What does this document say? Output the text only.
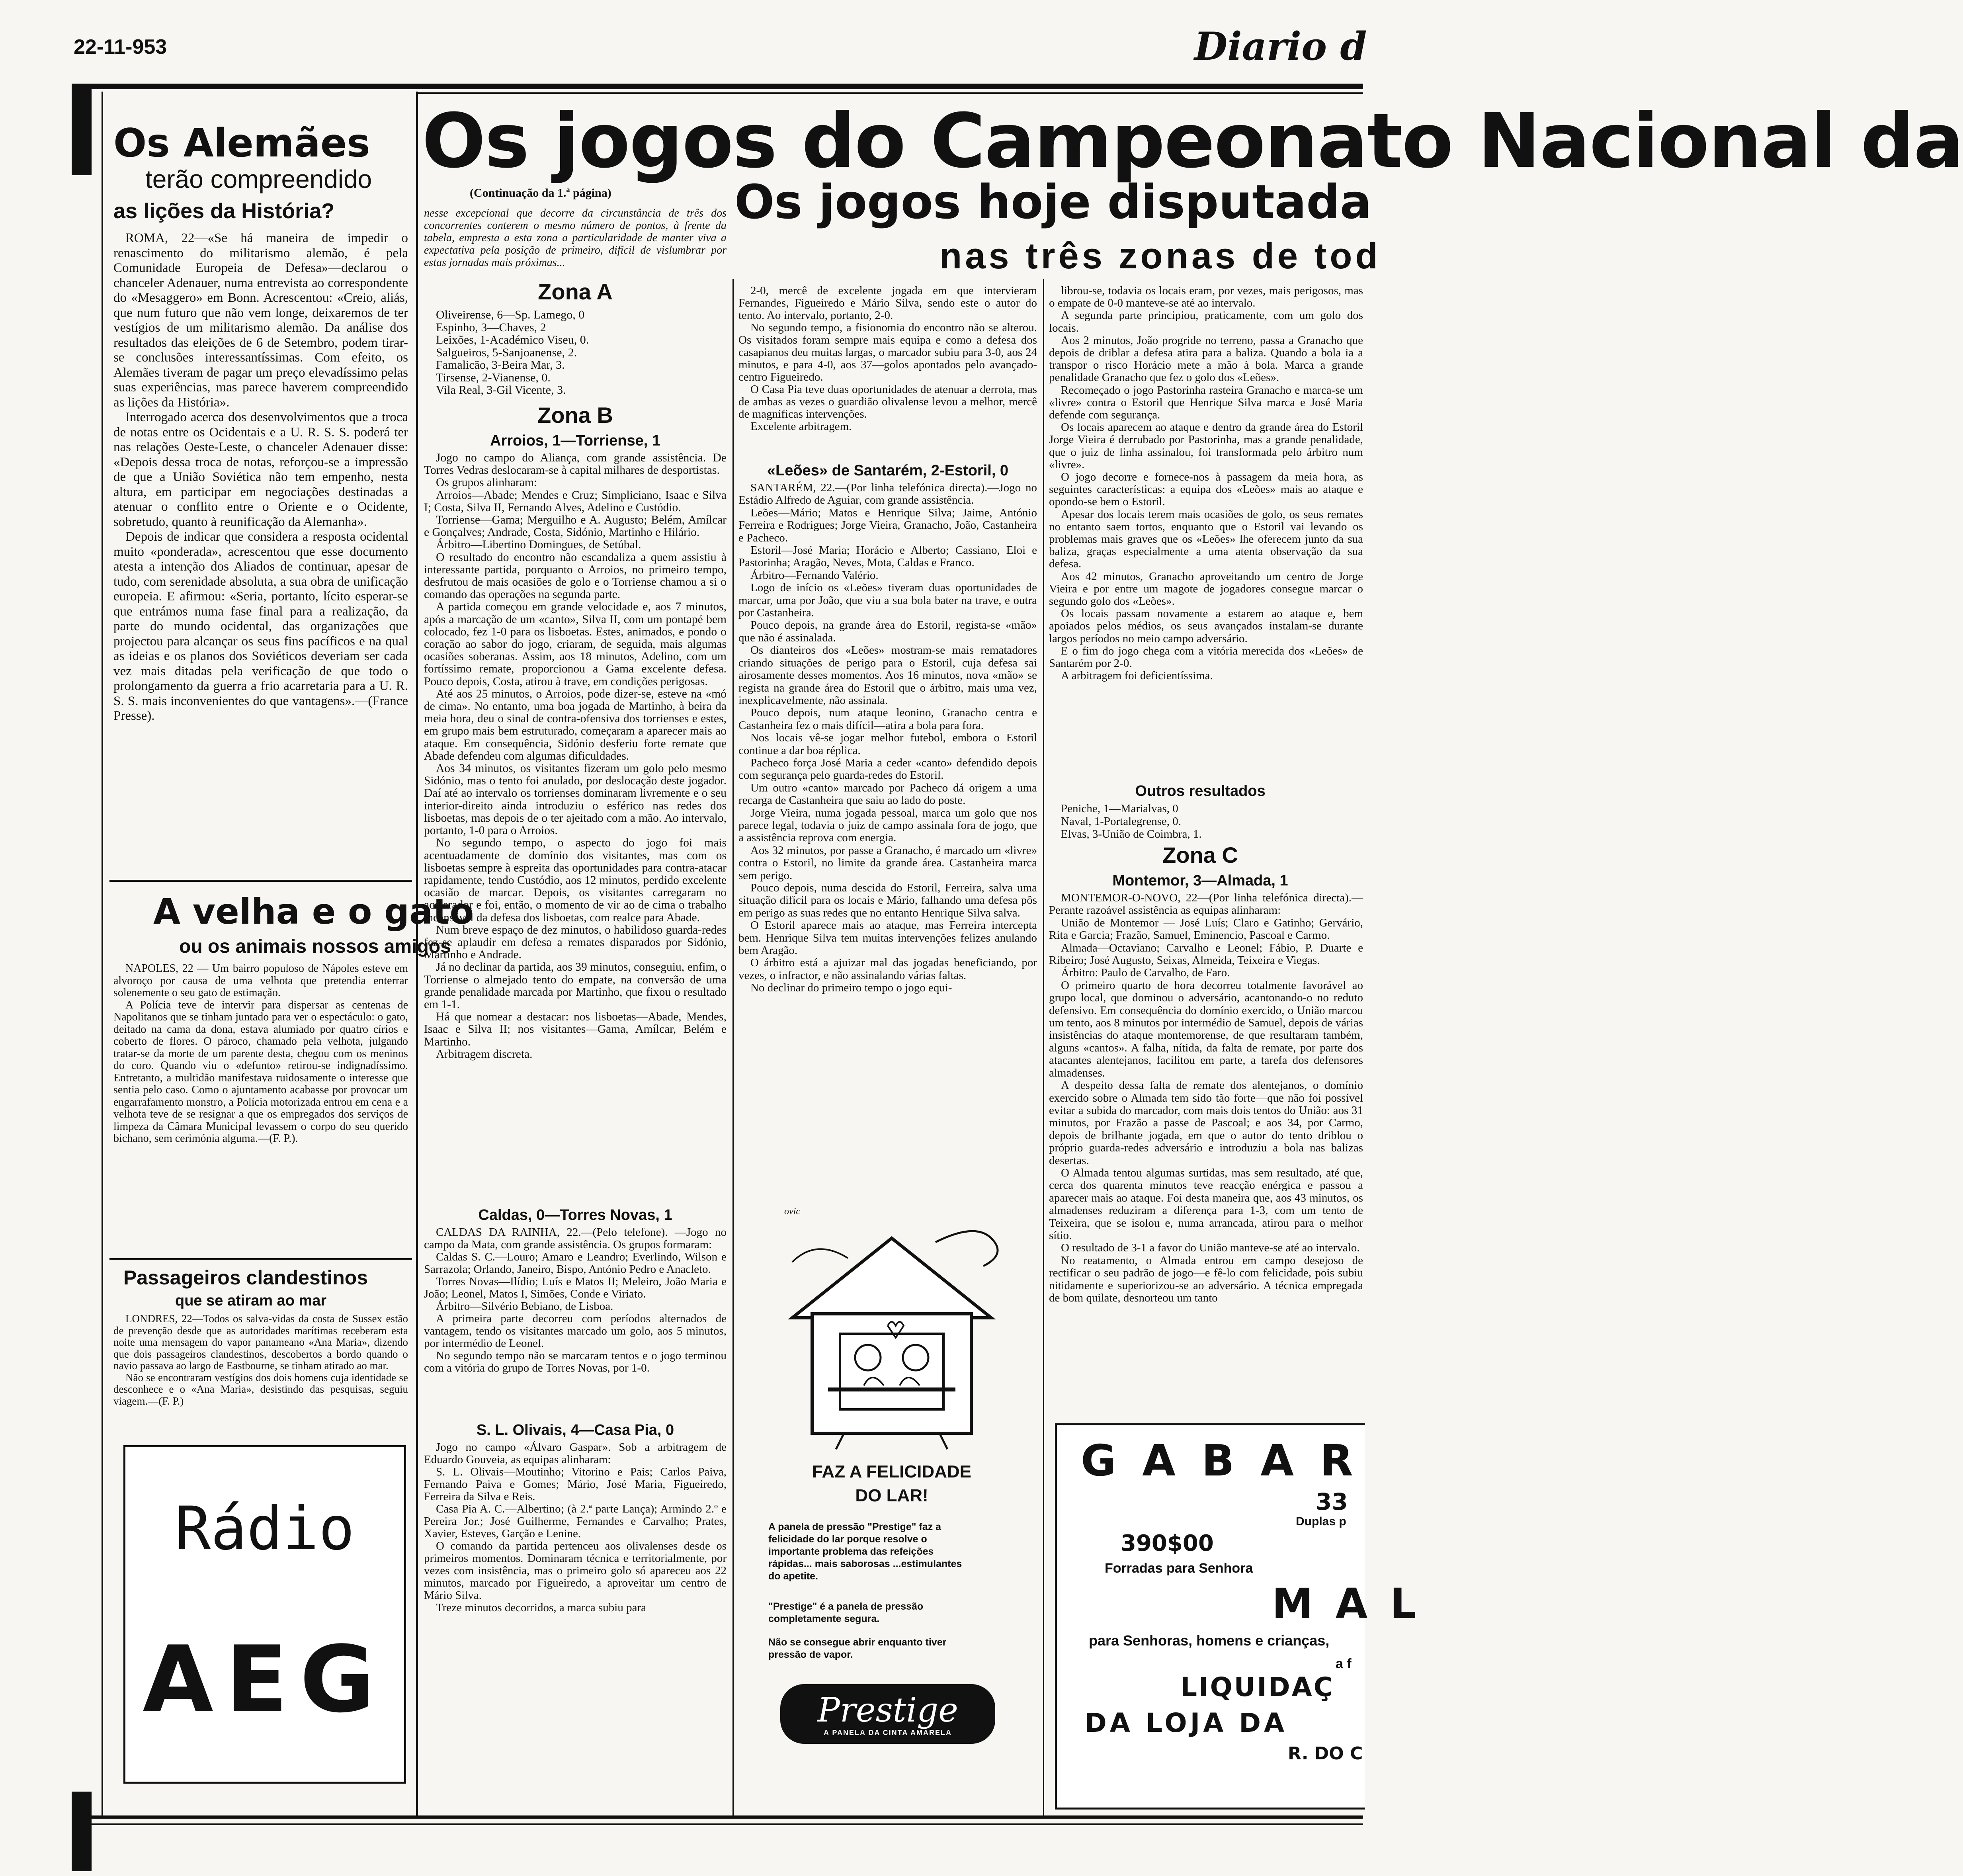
22-11-953	Diario d
Os Alemães
terão compreendido
as lições da História?

ROMA, 22—«Se há maneira de impedir o renascimento do militarismo alemão, é pela Comunidade Europeia de Defesa»—declarou o chanceler Adenauer, numa entrevista ao correspondente do «Mesaggero» em Bonn. Acrescentou: «Creio, aliás, que num futuro que não vem longe, deixaremos de ter vestígios de um militarismo alemão. Da análise dos resultados das eleições de 6 de Setembro, podem tirar-se conclusões interessantíssimas. Com efeito, os Alemães tiveram de pagar um preço elevadíssimo pelas suas experiências, mas parece haverem compreendido as lições da História».

Interrogado acerca dos desenvolvimentos que a troca de notas entre os Ocidentais e a U. R. S. S. poderá ter nas relações Oeste-Leste, o chanceler Adenauer disse: «Depois dessa troca de notas, reforçou-se a impressão de que a União Soviética não tem empenho, nesta altura, em participar em negociações destinadas a atenuar o conflito entre o Oriente e o Ocidente, sobretudo, quanto à reunificação da Alemanha».

Depois de indicar que considera a resposta ocidental muito «ponderada», acrescentou que esse documento atesta a intenção dos Aliados de continuar, apesar de tudo, com serenidade absoluta, a sua obra de unificação europeia. E afirmou: «Seria, portanto, lícito esperar-se que entrámos numa fase final para a realização, da parte do mundo ocidental, das organizações que projectou para alcançar os seus fins pacíficos e na qual as ideias e os planos dos Soviéticos deveriam ser cada vez mais ditadas pela verificação de que todo o prolongamento da guerra a frio acarretaria para a U. R. S. S. mais inconvenientes do que vantagens».—(France Presse).

A velha e o gato
ou os animais nossos amigos

NAPOLES, 22 — Um bairro populoso de Nápoles esteve em alvoroço por causa de uma velhota que pretendia enterrar solenemente o seu gato de estimação.

A Polícia teve de intervir para dispersar as centenas de Napolitanos que se tinham juntado para ver o espectáculo: o gato, deitado na cama da dona, estava alumiado por quatro círios e coberto de flores. O pároco, chamado pela velhota, julgando tratar-se da morte de um parente desta, chegou com os meninos do coro. Quando viu o «defunto» retirou-se indignadíssimo. Entretanto, a multidão manifestava ruidosamente o interesse que sentia pelo caso. Como o ajuntamento acabasse por provocar um engarrafamento monstro, a Polícia motorizada entrou em cena e a velhota teve de se resignar a que os empregados dos serviços de limpeza da Câmara Municipal levassem o corpo do seu querido bichano, sem cerimónia alguma.—(F. P.).

Passageiros clandestinos
que se atiram ao mar

LONDRES, 22—Todos os salva-vidas da costa de Sussex estão de prevenção desde que as autoridades marítimas receberam esta noite uma mensagem do vapor panameano «Ana Maria», dizendo que dois passageiros clandestinos, descobertos a bordo quando o navio passava ao largo de Eastbourne, se tinham atirado ao mar.

Não se encontraram vestígios dos dois homens cuja identidade se desconhece e o «Ana Maria», desistindo das pesquisas, seguiu viagem.—(F. P.)

Rádio
AEG
Os jogos do Campeonato Nacional da
(Continuação da 1.ª página)	Os jogos hoje disputada
nas três zonas de tod
nesse excepcional que decorre da circunstância de três dos concorrentes conterem o mesmo número de pontos, à frente da tabela, empresta a esta zona a particularidade de manter viva a expectativa pela posição de primeiro, difícil de vislumbrar por estas jornadas mais próximas...
Zona A
Oliveirense, 6—Sp. Lamego, 0
Espinho, 3—Chaves, 2
Leixões, 1-Académico Viseu, 0.
Salgueiros, 5-Sanjoanense, 2.
Famalicão, 3-Beira Mar, 3.
Tirsense, 2-Vianense, 0.
Vila Real, 3-Gil Vicente, 3.
Zona B
Arroios, 1—Torriense, 1

Jogo no campo do Aliança, com grande assistência. De Torres Vedras deslocaram-se à capital milhares de desportistas.

Os grupos alinharam:

Arroios—Abade; Mendes e Cruz; Simpliciano, Isaac e Silva I; Costa, Silva II, Fernando Alves, Adelino e Custódio.

Torriense—Gama; Merguilho e A. Augusto; Belém, Amílcar e Gonçalves; Andrade, Costa, Sidónio, Martinho e Hilário.

Árbitro—Libertino Domingues, de Setúbal.

O resultado do encontro não escandaliza a quem assistiu à interessante partida, porquanto o Arroios, no primeiro tempo, desfrutou de mais ocasiões de golo e o Torriense chamou a si o comando das operações na segunda parte.

A partida começou em grande velocidade e, aos 7 minutos, após a marcação de um «canto», Silva II, com um pontapé bem colocado, fez 1-0 para os lisboetas. Estes, animados, e pondo o coração ao sabor do jogo, criaram, de seguida, mais algumas ocasiões soberanas. Assim, aos 18 minutos, Adelino, com um fortíssimo remate, proporcionou a Gama excelente defesa. Pouco depois, Costa, atirou à trave, em condições perigosas.

Até aos 25 minutos, o Arroios, pode dizer-se, esteve na «mó de cima». No entanto, uma boa jogada de Martinho, à beira da meia hora, deu o sinal de contra-ofensiva dos torrienses e estes, em grupo mais bem estruturado, começaram a aparecer mais ao ataque. Em consequência, Sidónio desferiu forte remate que Abade defendeu com algumas dificuldades.

Aos 34 minutos, os visitantes fizeram um golo pelo mesmo Sidónio, mas o tento foi anulado, por deslocação deste jogador. Daí até ao intervalo os torrienses dominaram livremente e o seu interior-direito ainda introduziu o esférico nas redes dos lisboetas, mas depois de o ter ajeitado com a mão. Ao intervalo, portanto, 1-0 para o Arroios.

No segundo tempo, o aspecto do jogo foi mais acentuadamente de domínio dos visitantes, mas com os lisboetas sempre à espreita das oportunidades para contra-atacar rapidamente, tendo Custódio, aos 12 minutos, perdido excelente ocasião de marcar. Depois, os visitantes carregaram no acelerador e foi, então, o momento de vir ao de cima o trabalho incansável da defesa dos lisboetas, com realce para Abade.

Num breve espaço de dez minutos, o habilidoso guarda-redes fez-se aplaudir em defesa a remates disparados por Sidónio, Martinho e Andrade.

Já no declinar da partida, aos 39 minutos, conseguiu, enfim, o Torriense o almejado tento do empate, na conversão de uma grande penalidade marcada por Martinho, que fixou o resultado em 1-1.

Há que nomear a destacar: nos lisboetas—Abade, Mendes, Isaac e Silva II; nos visitantes—Gama, Amílcar, Belém e Martinho.

Arbitragem discreta.

Caldas, 0—Torres Novas, 1

CALDAS DA RAINHA, 22.—(Pelo telefone). —Jogo no campo da Mata, com grande assistência. Os grupos formaram:

Caldas S. C.—Louro; Amaro e Leandro; Everlindo, Wilson e Sarrazola; Orlando, Janeiro, Bispo, António Pedro e Anacleto.

Torres Novas—Ilídio; Luís e Matos II; Meleiro, João Maria e João; Leonel, Matos I, Simões, Conde e Viriato.

Árbitro—Silvério Bebiano, de Lisboa.

A primeira parte decorreu com períodos alternados de vantagem, tendo os visitantes marcado um golo, aos 5 minutos, por intermédio de Leonel.

No segundo tempo não se marcaram tentos e o jogo terminou com a vitória do grupo de Torres Novas, por 1-0.

S. L. Olivais, 4—Casa Pia, 0

Jogo no campo «Álvaro Gaspar». Sob a arbitragem de Eduardo Gouveia, as equipas alinharam:

S. L. Olivais—Moutinho; Vitorino e Pais; Carlos Paiva, Fernando Paiva e Gomes; Mário, José Maria, Figueiredo, Ferreira da Silva e Reis.

Casa Pia A. C.—Albertino; (à 2.ª parte Lança); Armindo 2.º e Pereira Jor.; José Guilherme, Fernandes e Carvalho; Prates, Xavier, Esteves, Garção e Lenine.

O comando da partida pertenceu aos olivalenses desde os primeiros momentos. Dominaram técnica e territorialmente, por vezes com insistência, mas o primeiro golo só apareceu aos 22 minutos, marcado por Figueiredo, a aproveitar um centro de Mário Silva.

Treze minutos decorridos, a marca subiu para

2-0, mercê de excelente jogada em que intervieram Fernandes, Figueiredo e Mário Silva, sendo este o autor do tento. Ao intervalo, portanto, 2-0.

No segundo tempo, a fisionomia do encontro não se alterou. Os visitados foram sempre mais equipa e como a defesa dos casapianos deu muitas largas, o marcador subiu para 3-0, aos 24 minutos, e para 4-0, aos 37—golos apontados pelo avançado-centro Figueiredo.

O Casa Pia teve duas oportunidades de atenuar a derrota, mas de ambas as vezes o guardião olivalense levou a melhor, mercê de magníficas intervenções.

Excelente arbitragem.

«Leões» de Santarém, 2-Estoril, 0

SANTARÉM, 22.—(Por linha telefónica directa).—Jogo no Estádio Alfredo de Aguiar, com grande assistência.

Leões—Mário; Matos e Henrique Silva; Jaime, António Ferreira e Rodrigues; Jorge Vieira, Granacho, João, Castanheira e Pacheco.

Estoril—José Maria; Horácio e Alberto; Cassiano, Eloi e Pastorinha; Aragão, Neves, Mota, Caldas e Franco.

Árbitro—Fernando Valério.

Logo de início os «Leões» tiveram duas oportunidades de marcar, uma por João, que viu a sua bola bater na trave, e outra por Castanheira.

Pouco depois, na grande área do Estoril, regista-se «mão» que não é assinalada.

Os dianteiros dos «Leões» mostram-se mais rematadores criando situações de perigo para o Estoril, cuja defesa sai airosamente desses momentos. Aos 16 minutos, nova «mão» se regista na grande área do Estoril que o árbitro, mais uma vez, inexplicavelmente, não assinala.

Pouco depois, num ataque leonino, Granacho centra e Castanheira fez o mais difícil—atira a bola para fora.

Nos locais vê-se jogar melhor futebol, embora o Estoril continue a dar boa réplica.

Pacheco força José Maria a ceder «canto» defendido depois com segurança pelo guarda-redes do Estoril.

Um outro «canto» marcado por Pacheco dá origem a uma recarga de Castanheira que saiu ao lado do poste.

Jorge Vieira, numa jogada pessoal, marca um golo que nos parece legal, todavia o juiz de campo assinala fora de jogo, que a assistência reprova com energia.

Aos 32 minutos, por passe a Granacho, é marcado um «livre» contra o Estoril, no limite da grande área. Castanheira marca sem perigo.

Pouco depois, numa descida do Estoril, Ferreira, salva uma situação difícil para os locais e Mário, falhando uma defesa pôs em perigo as suas redes que no entanto Henrique Silva salva.

O Estoril aparece mais ao ataque, mas Ferreira intercepta bem. Henrique Silva tem muitas intervenções felizes anulando bem Aragão.

O árbitro está a ajuizar mal das jogadas beneficiando, por vezes, o infractor, e não assinalando várias faltas.

No declinar do primeiro tempo o jogo equi-

ovic
FAZ A FELICIDADE
DO LAR!
A panela de pressão "Prestige" faz a felicidade do lar porque resolve o importante problema das refeições rápidas... mais saborosas ...estimulantes do apetite.
"Prestige" é a panela de pressão completamente segura.
Não se consegue abrir enquanto tiver pressão de vapor.
Prestige
A PANELA DA CINTA AMARELA

librou-se, todavia os locais eram, por vezes, mais perigosos, mas o empate de 0-0 manteve-se até ao intervalo.

A segunda parte principiou, praticamente, com um golo dos locais.

Aos 2 minutos, João progride no terreno, passa a Granacho que depois de driblar a defesa atira para a baliza. Quando a bola ia a transpor o risco Horácio mete a mão à bola. Marca a grande penalidade Granacho que fez o golo dos «Leões».

Recomeçado o jogo Pastorinha rasteira Granacho e marca-se um «livre» contra o Estoril que Henrique Silva marca e José Maria defende com segurança.

Os locais aparecem ao ataque e dentro da grande área do Estoril Jorge Vieira é derrubado por Pastorinha, mas a grande penalidade, que o juiz de linha assinalou, foi transformada pelo árbitro num «livre».

O jogo decorre e fornece-nos à passagem da meia hora, as seguintes características: a equipa dos «Leões» mais ao ataque e opondo-se bem o Estoril.

Apesar dos locais terem mais ocasiões de golo, os seus remates no entanto saem tortos, enquanto que o Estoril vai levando os problemas mais graves que os «Leões» lhe oferecem junto da sua baliza, graças especialmente a uma atenta observação da sua defesa.

Aos 42 minutos, Granacho aproveitando um centro de Jorge Vieira e por entre um magote de jogadores consegue marcar o segundo golo dos «Leões».

Os locais passam novamente a estarem ao ataque e, bem apoiados pelos médios, os seus avançados instalam-se durante largos períodos no meio campo adversário.

E o fim do jogo chega com a vitória merecida dos «Leões» de Santarém por 2-0.

A arbitragem foi deficientíssima.

Outros resultados
Peniche, 1—Marialvas, 0
Naval, 1-Portalegrense, 0.
Elvas, 3-União de Coimbra, 1.
Zona C
Montemor, 3—Almada, 1

MONTEMOR-O-NOVO, 22—(Por linha telefónica directa).—Perante razoável assistência as equipas alinharam:

União de Montemor — José Luís; Claro e Gatinho; Gervário, Rita e Garcia; Frazão, Samuel, Eminencio, Pascoal e Carmo.

Almada—Octaviano; Carvalho e Leonel; Fábio, P. Duarte e Ribeiro; José Augusto, Seixas, Almeida, Teixeira e Viegas.

Árbitro: Paulo de Carvalho, de Faro.

O primeiro quarto de hora decorreu totalmente favorável ao grupo local, que dominou o adversário, acantonando-o no reduto defensivo. Em consequência do domínio exercido, o União marcou um tento, aos 8 minutos por intermédio de Samuel, depois de várias insistências do ataque montemorense, de que resultaram também, alguns «cantos». A falha, nítida, da falta de remate, por parte dos atacantes alentejanos, facilitou em parte, a tarefa dos defensores almadenses.

A despeito dessa falta de remate dos alentejanos, o domínio exercido sobre o Almada tem sido tão forte—que não foi possível evitar a subida do marcador, com mais dois tentos do União: aos 31 minutos, por Frazão a passe de Pascoal; e aos 34, por Carmo, depois de brilhante jogada, em que o autor do tento driblou o próprio guarda-redes adversário e introduziu a bola nas balizas desertas.

O Almada tentou algumas surtidas, mas sem resultado, até que, cerca dos quarenta minutos teve reacção enérgica e passou a aparecer mais ao ataque. Foi desta maneira que, aos 43 minutos, os almadenses reduziram a diferença para 1-3, com um tento de Teixeira, que se isolou e, numa arrancada, atirou para o melhor sítio.

O resultado de 3-1 a favor do União manteve-se até ao intervalo.

No reatamento, o Almada entrou em campo desejoso de rectificar o seu padrão de jogo—e fê-lo com felicidade, pois subiu nitidamente e superiorizou-se ao adversário. A técnica empregada de bom quilate, desnorteou um tanto

G A B A R
33
Duplas p
390$00
Forradas para Senhora
M A L
para Senhoras, homens e crianças,
a f
LIQUIDAÇ
DA LOJA DA
R. DO C
